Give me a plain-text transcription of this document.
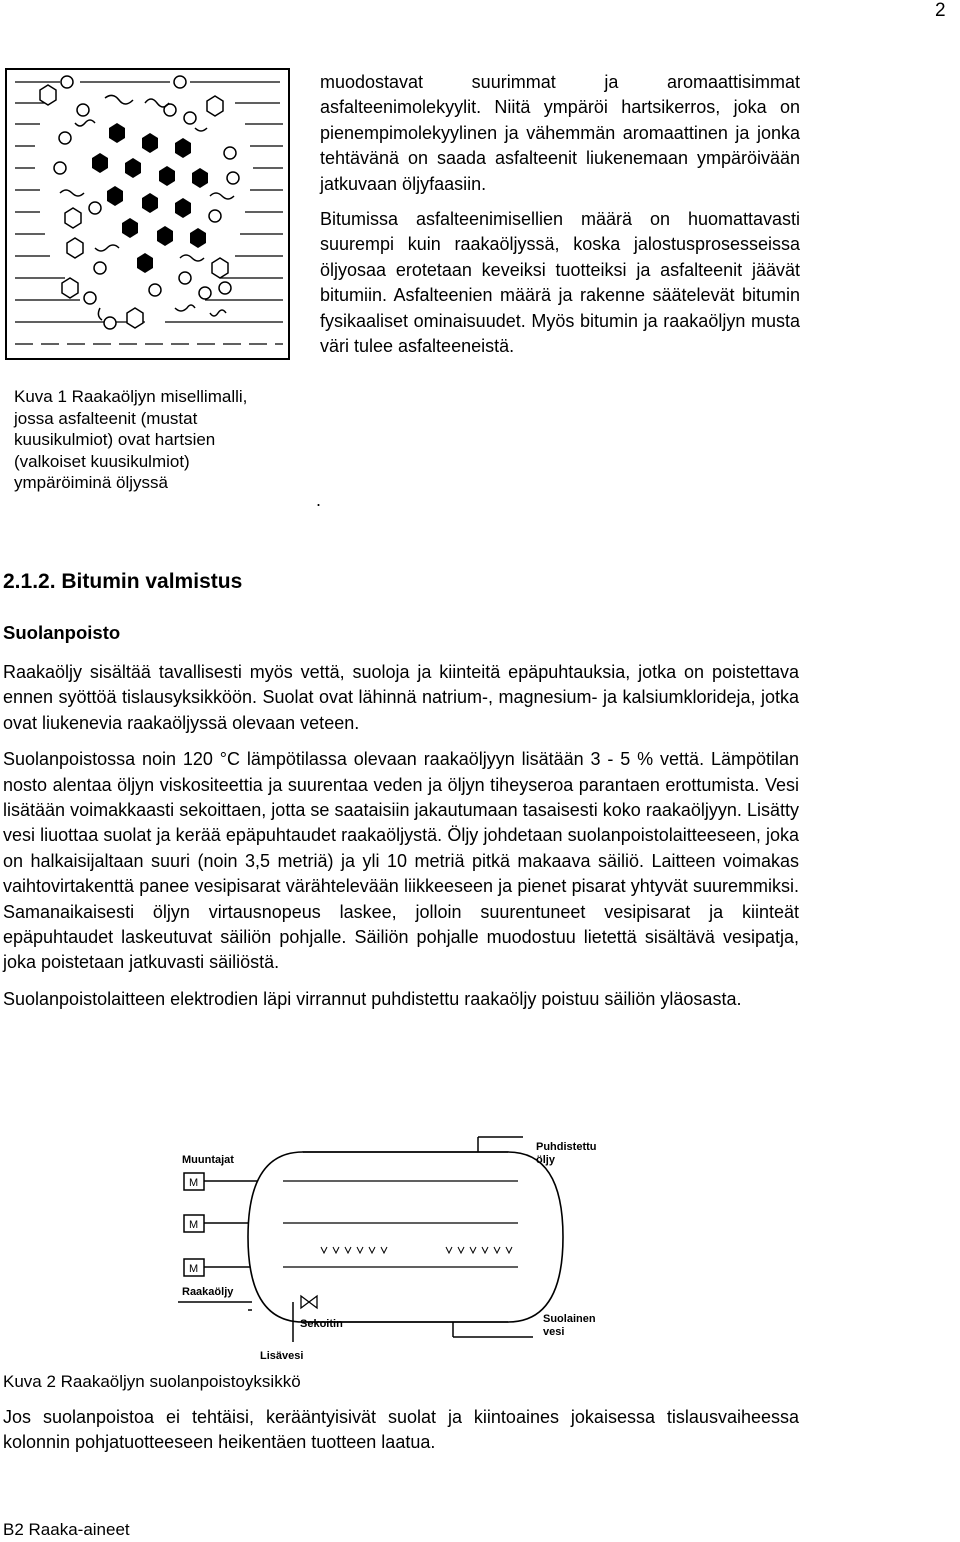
2
Kuva 1 Raakaöljyn misellimalli, jossa asfalteenit (mustat kuusikulmiot) ovat hartsien (valkoiset kuusikulmiot) ympäröiminä öljyssä

muodostavat suurimmat ja aromaattisimmat asfalteenimolekyylit. Niitä ympäröi hartsikerros, joka on pienempimolekyylinen ja vähemmän aromaattinen ja jonka tehtävänä on saada asfalteenit liukenemaan ympäröivään jatkuvaan öljyfaasiin.

Bitumissa asfalteenimisellien määrä on huomattavasti suurempi kuin raakaöljyssä, koska jalostusprosesseissa öljyosaa erotetaan keveiksi tuotteiksi ja asfalteenit jäävät bitumiin. Asfalteenien määrä ja rakenne säätelevät bitumin fysikaaliset ominaisuudet. Myös bitumin ja raakaöljyn musta väri tulee asfalteeneistä.

.
2.1.2. Bitumin valmistus
Suolanpoisto

Raakaöljy sisältää tavallisesti myös vettä, suoloja ja kiinteitä epäpuhtauksia, jotka on poistettava ennen syöttöä tislausyksikköön. Suolat ovat lähinnä natrium-, magnesium- ja kalsiumklorideja, jotka ovat liukenevia raakaöljyssä olevaan veteen.

Suolanpoistossa noin 120 °C lämpötilassa olevaan raakaöljyyn lisätään 3 - 5 % vettä. Lämpötilan nosto alentaa öljyn viskositeettia ja suurentaa veden ja öljyn tiheyseroa parantaen erottumista. Vesi lisätään voimakkaasti sekoittaen, jotta se saataisiin jakautumaan tasaisesti koko raakaöljyyn. Lisätty vesi liuottaa suolat ja kerää epäpuhtaudet raakaöljystä. Öljy johdetaan suolanpoistolaitteeseen, joka on halkaisijaltaan suuri (noin 3,5 metriä) ja yli 10 metriä pitkä makaava säiliö. Laitteen voimakas vaihtovirtakenttä panee vesipisarat värähtelevään liikkeeseen ja pienet pisarat yhtyvät suuremmiksi. Samanaikaisesti öljyn virtausnopeus laskee, jolloin suurentuneet vesipisarat ja kiinteät epäpuhtaudet laskeutuvat säiliön pohjalle. Säiliön pohjalle muodostuu lietettä sisältävä vesipatja, joka poistetaan jatkuvasti säiliöstä.

Suolanpoistolaitteen elektrodien läpi virrannut puhdistettu raakaöljy poistuu säiliön yläosasta.

Muuntajat
M
M
M
Raakaöljy
Sekoitin
Lisävesi
Puhdistettu
öljy
Suolainen
vesi
Kuva 2 Raakaöljyn suolanpoistoyksikkö
Jos suolanpoistoa ei tehtäisi, kerääntyisivät suolat ja kiintoaines jokaisessa tislausvaiheessa kolonnin pohjatuotteeseen heikentäen tuotteen laatua.
B2 Raaka-aineet
